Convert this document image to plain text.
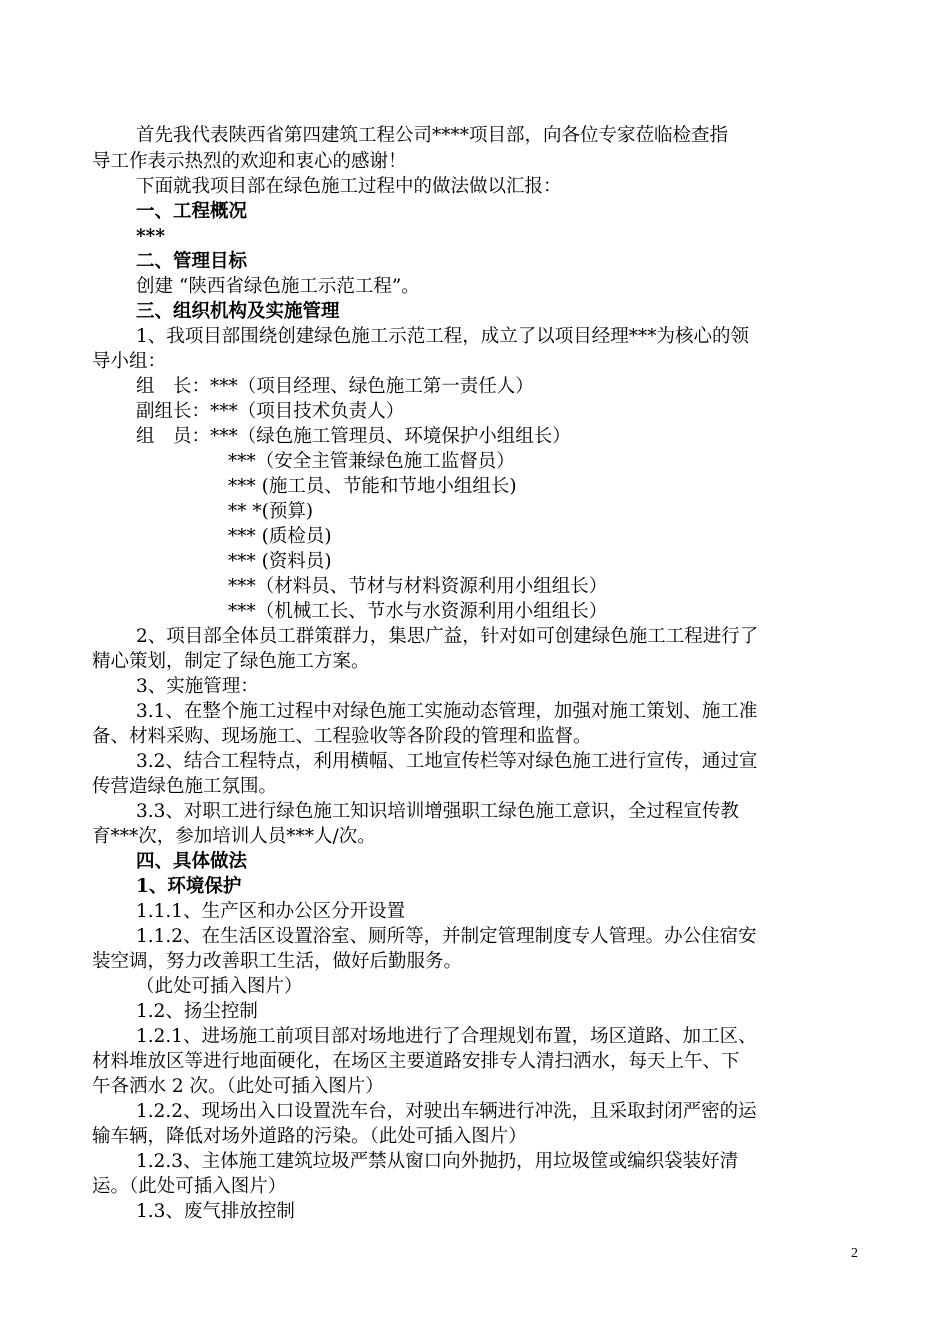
首先我代表陕西省第四建筑工程公司****项目部，向各位专家莅临检查指
导工作表示热烈的欢迎和衷心的感谢！
下面就我项目部在绿色施工过程中的做法做以汇报：
一、工程概况
***
二、管理目标
创建 “陕西省绿色施工示范工程”。
三、组织机构及实施管理
1、我项目部围绕创建绿色施工示范工程，成立了以项目经理***为核心的领
导小组：
组　长：***（项目经理、绿色施工第一责任人）
副组长：***（项目技术负责人）
组　员：***（绿色施工管理员、环境保护小组组长）
***（安全主管兼绿色施工监督员）
*** (施工员、节能和节地小组组长)
** *(预算)
*** (质检员)
*** (资料员)
***（材料员、节材与材料资源利用小组组长）
***（机械工长、节水与水资源利用小组组长）
2、项目部全体员工群策群力，集思广益，针对如可创建绿色施工工程进行了
精心策划，制定了绿色施工方案。
3、实施管理：
3.1、在整个施工过程中对绿色施工实施动态管理，加强对施工策划、施工准
备、材料采购、现场施工、工程验收等各阶段的管理和监督。
3.2、结合工程特点，利用横幅、工地宣传栏等对绿色施工进行宣传，通过宣
传营造绿色施工氛围。
3.3、对职工进行绿色施工知识培训增强职工绿色施工意识，全过程宣传教
育***次，参加培训人员***人/次。
四、具体做法
1、环境保护
1.1.1、生产区和办公区分开设置
1.1.2、在生活区设置浴室、厕所等，并制定管理制度专人管理。办公住宿安
装空调，努力改善职工生活，做好后勤服务。
（此处可插入图片）
1.2、扬尘控制
1.2.1、进场施工前项目部对场地进行了合理规划布置，场区道路、加工区、
材料堆放区等进行地面硬化，在场区主要道路安排专人清扫洒水，每天上午、下
午各洒水 2 次。（此处可插入图片）
1.2.2、现场出入口设置洗车台，对驶出车辆进行冲洗，且采取封闭严密的运
输车辆，降低对场外道路的污染。（此处可插入图片）
1.2.3、主体施工建筑垃圾严禁从窗口向外抛扔，用垃圾筐或编织袋装好清
运。（此处可插入图片）
1.3、废气排放控制
2
